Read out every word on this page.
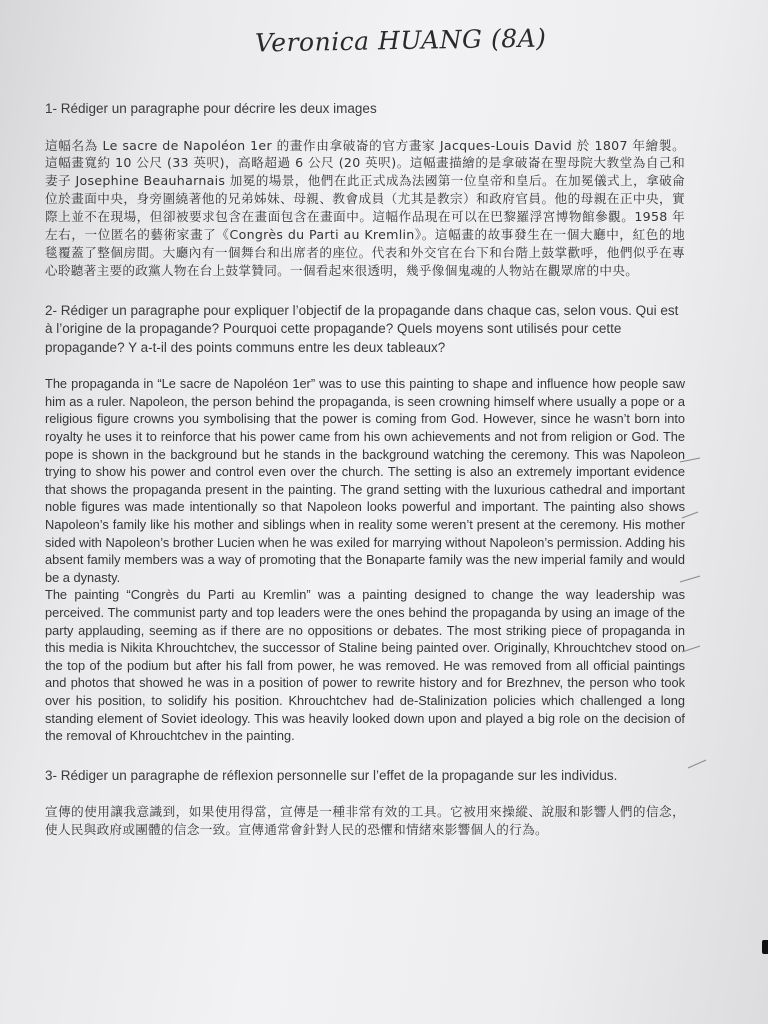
Veronica HUANG (8A)

1- Rédiger un paragraphe pour décrire les deux images

這幅名為 Le sacre de Napoléon 1er 的畫作由拿破崙的官方畫家 Jacques-Louis David 於 1807 年繪製。這幅畫寬約 10 公尺 (33 英呎)，高略超過 6 公尺 (20 英呎)。這幅畫描繪的是拿破崙在聖母院大教堂為自己和妻子 Josephine Beauharnais 加冕的場景，他們在此正式成為法國第一位皇帝和皇后。在加冕儀式上，拿破侖位於畫面中央，身旁圍繞著他的兄弟姊妹、母親、教會成員（尤其是教宗）和政府官員。他的母親在正中央，實際上並不在現場，但卻被要求包含在畫面包含在畫面中。這幅作品現在可以在巴黎羅浮宮博物館參觀。1958 年左右，一位匿名的藝術家畫了《Congrès du Parti au Kremlin》。這幅畫的故事發生在一個大廳中，紅色的地毯覆蓋了整個房間。大廳內有一個舞台和出席者的座位。代表和外交官在台下和台階上鼓掌歡呼，他們似乎在專心聆聽著主要的政黨人物在台上鼓掌贊同。一個看起來很透明，幾乎像個鬼魂的人物站在觀眾席的中央。

2- Rédiger un paragraphe pour expliquer l’objectif de la propagande dans chaque cas, selon vous. Qui est à l’origine de la propagande? Pourquoi cette propagande? Quels moyens sont utilisés pour cette propagande? Y a-t-il des points communs entre les deux tableaux?

The propaganda in “Le sacre de Napoléon 1er” was to use this painting to shape and influence how people saw him as a ruler. Napoleon, the person behind the propaganda, is seen crowning himself where usually a pope or a religious figure crowns you symbolising that the power is coming from God. However, since he wasn’t born into royalty he uses it to reinforce that his power came from his own achievements and not from religion or God. The pope is shown in the background but he stands in the background watching the ceremony. This was Napoleon trying to show his power and control even over the church. The setting is also an extremely important evidence that shows the propaganda present in the painting. The grand setting with the luxurious cathedral and important noble figures was made intentionally so that Napoleon looks powerful and important. The painting also shows Napoleon’s family like his mother and siblings when in reality some weren’t present at the ceremony. His mother sided with Napoleon’s brother Lucien when he was exiled for marrying without Napoleon’s permission. Adding his absent family members was a way of promoting that the Bonaparte family was the new imperial family and would be a dynasty.

The painting “Congrès du Parti au Kremlin” was a painting designed to change the way leadership was perceived. The communist party and top leaders were the ones behind the propaganda by using an image of the party applauding, seeming as if there are no oppositions or debates. The most striking piece of propaganda in this media is Nikita Khrouchtchev, the successor of Staline being painted over. Originally, Khrouchtchev stood on the top of the podium but after his fall from power, he was removed. He was removed from all official paintings and photos that showed he was in a position of power to rewrite history and for Brezhnev, the person who took over his position, to solidify his position. Khrouchtchev had de-Stalinization policies which challenged a long standing element of Soviet ideology. This was heavily looked down upon and played a big role on the decision of the removal of Khrouchtchev in the painting.

3- Rédiger un paragraphe de réflexion personnelle sur l’effet de la propagande sur les individus.

宣傳的使用讓我意識到，如果使用得當，宣傳是一種非常有效的工具。它被用來操縱、說服和影響人們的信念，使人民與政府或團體的信念一致。宣傳通常會針對人民的恐懼和情緒來影響個人的行為。
